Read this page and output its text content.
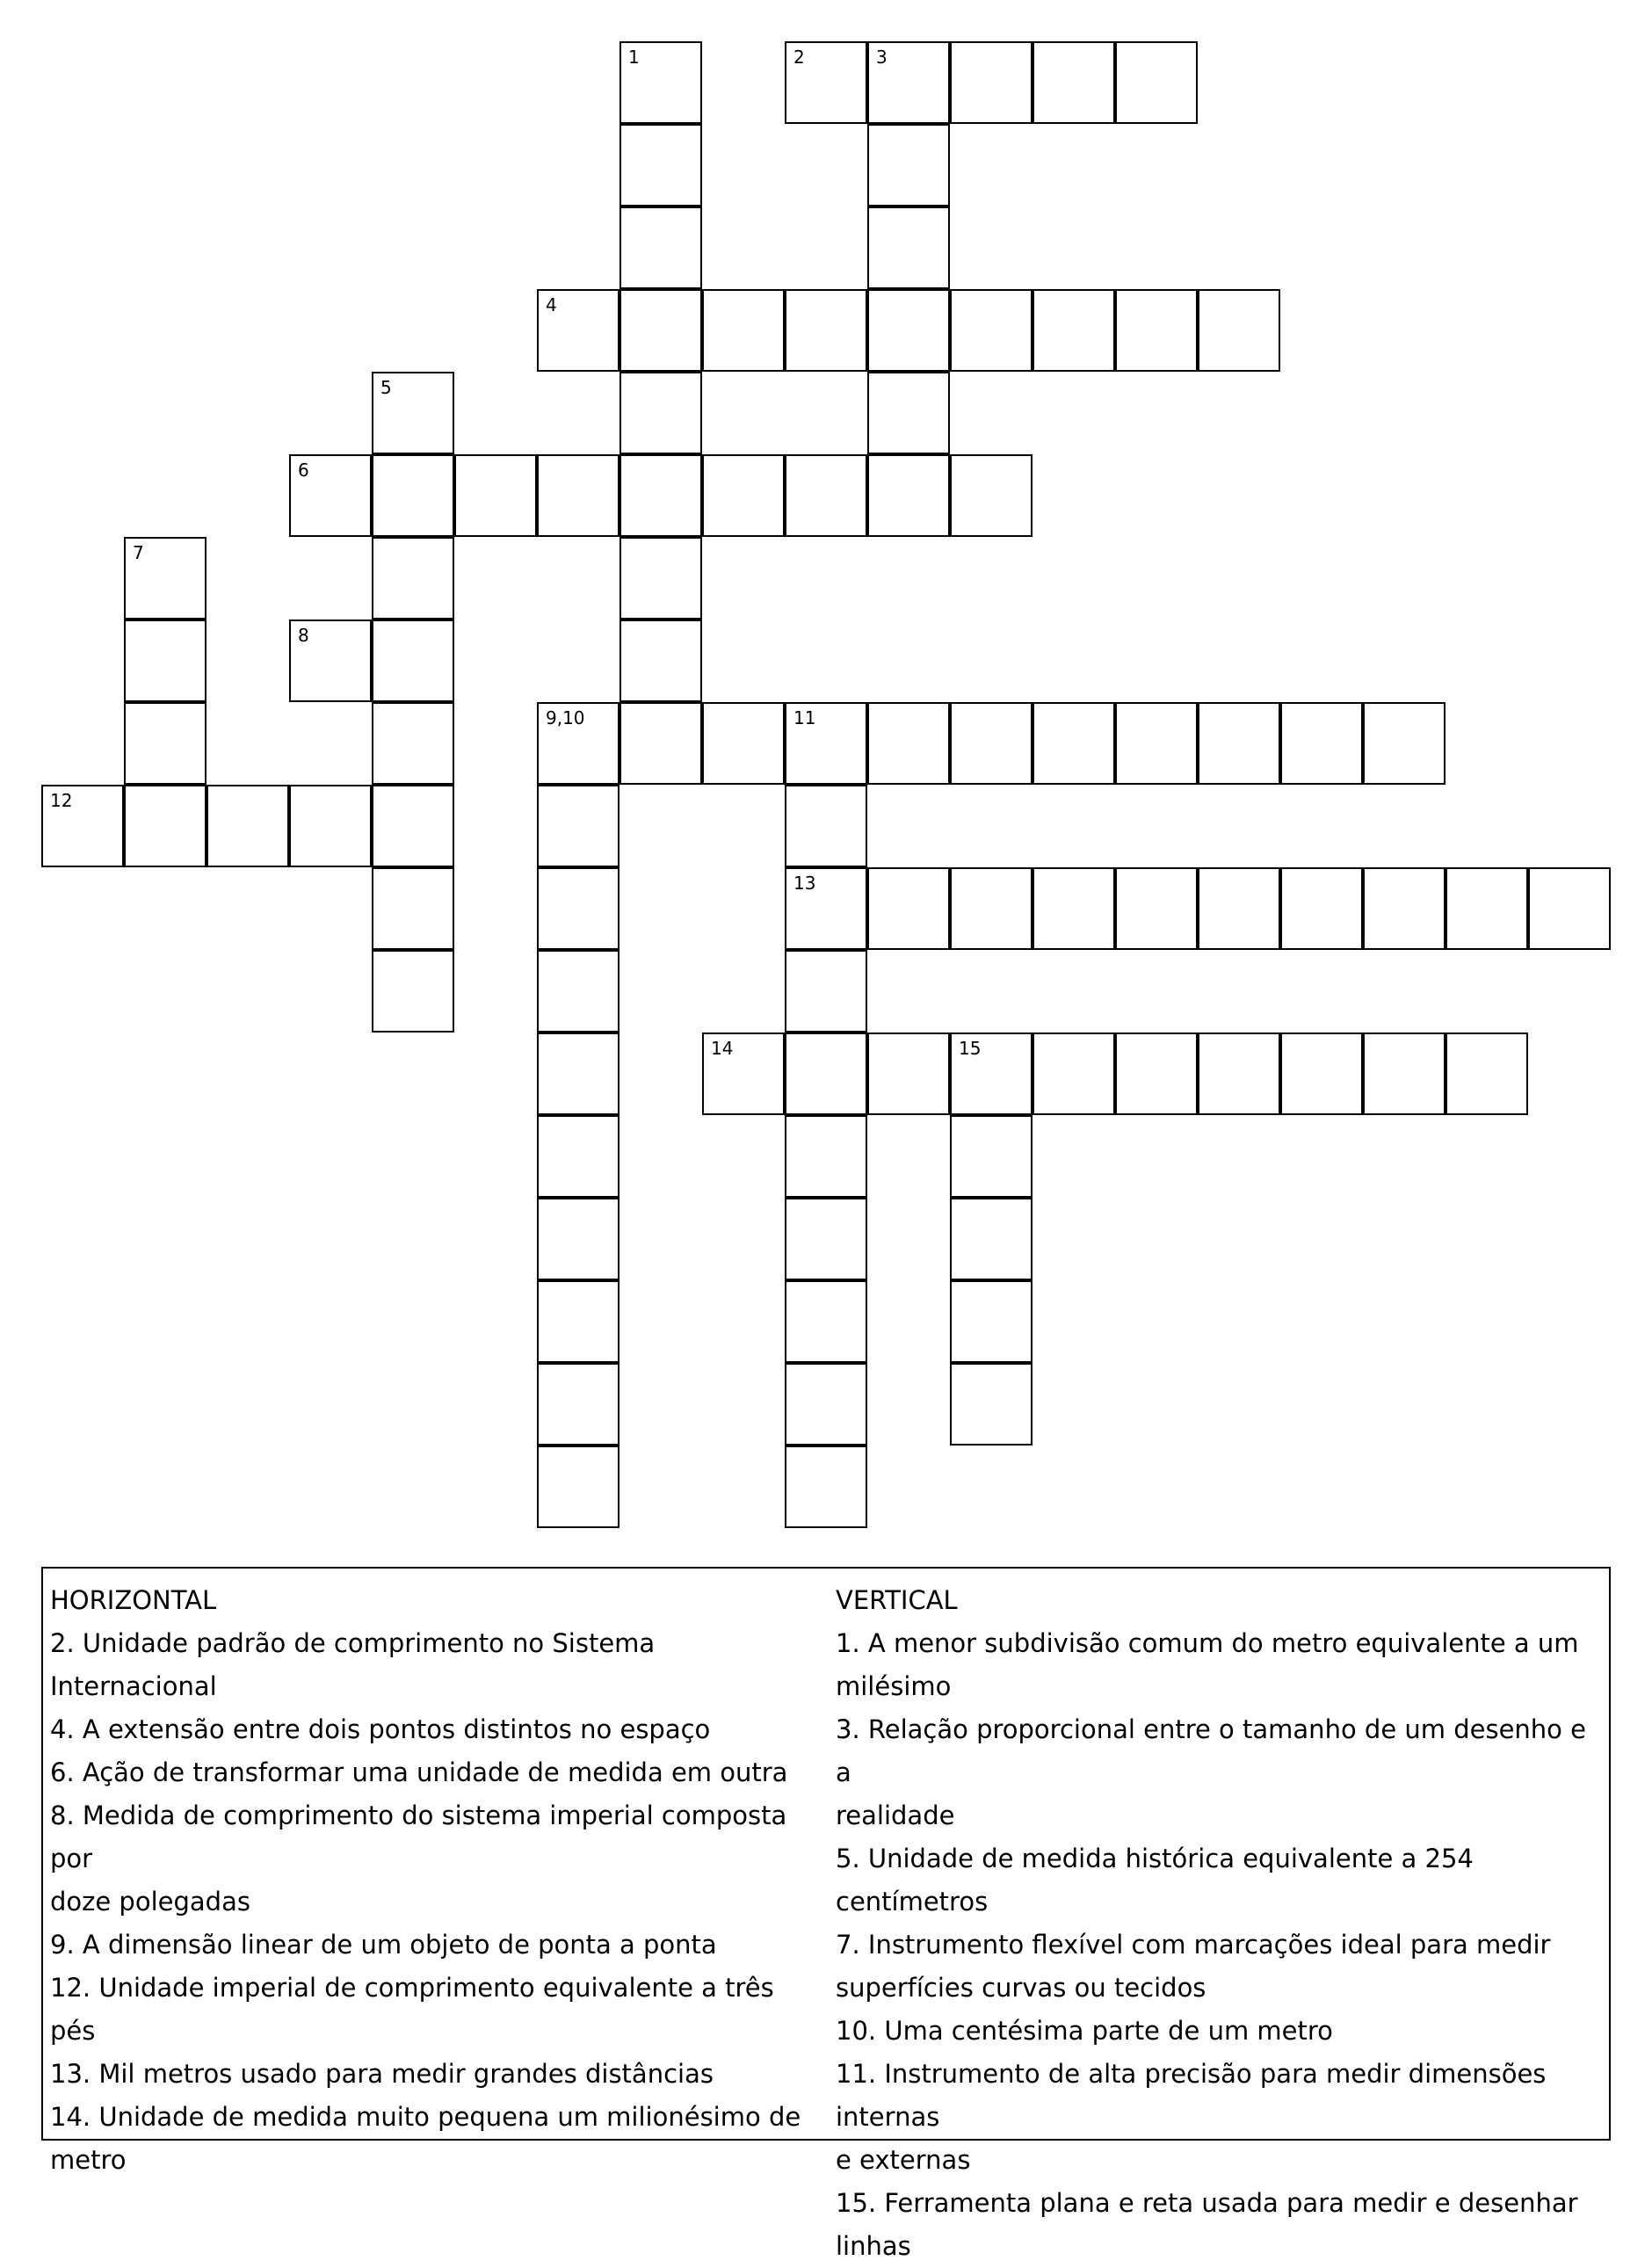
1	2	3
4
5
6
7
8
9,10	11
12
13
14	15
HORIZONTAL
2. Unidade padrão de comprimento no Sistema Internacional
4. A extensão entre dois pontos distintos no espaço
6. Ação de transformar uma unidade de medida em outra
8. Medida de comprimento do sistema imperial composta por
doze polegadas
9. A dimensão linear de um objeto de ponta a ponta
12. Unidade imperial de comprimento equivalente a três pés
13. Mil metros usado para medir grandes distâncias
14. Unidade de medida muito pequena um milionésimo de metro
VERTICAL
1. A menor subdivisão comum do metro equivalente a um
milésimo
3. Relação proporcional entre o tamanho de um desenho e a
realidade
5. Unidade de medida histórica equivalente a 254 centímetros
7. Instrumento flexível com marcações ideal para medir
superfícies curvas ou tecidos
10. Uma centésima parte de um metro
11. Instrumento de alta precisão para medir dimensões internas
e externas
15. Ferramenta plana e reta usada para medir e desenhar linhas
